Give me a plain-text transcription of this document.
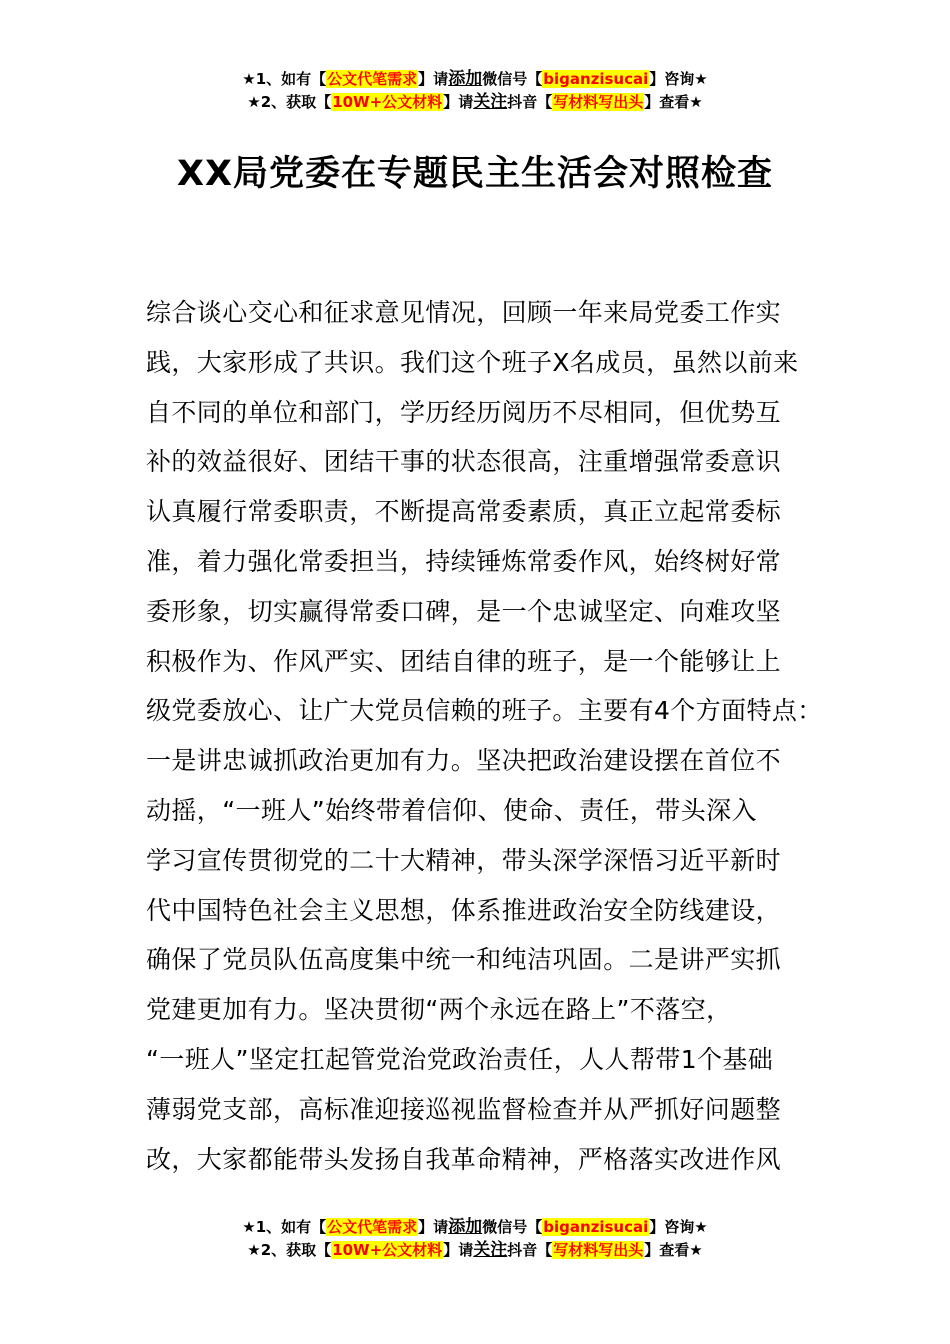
★1、如有【公文代笔需求】请添加微信号【biganzisucai】咨询★
★2、获取【10W+公文材料】请关注抖音【写材料写出头】查看★
XX局党委在专题民主生活会对照检查
综合谈心交心和征求意见情况，回顾一年来局党委工作实
践，大家形成了共识。我们这个班子X名成员，虽然以前来
自不同的单位和部门，学历经历阅历不尽相同，但优势互
补的效益很好、团结干事的状态很高，注重增强常委意识
认真履行常委职责，不断提高常委素质，真正立起常委标
准，着力强化常委担当，持续锤炼常委作风，始终树好常
委形象，切实赢得常委口碑，是一个忠诚坚定、向难攻坚
积极作为、作风严实、团结自律的班子，是一个能够让上
级党委放心、让广大党员信赖的班子。主要有4个方面特点：
一是讲忠诚抓政治更加有力。坚决把政治建设摆在首位不
动摇，“一班人”始终带着信仰、使命、责任，带头深入
学习宣传贯彻党的二十大精神，带头深学深悟习近平新时
代中国特色社会主义思想，体系推进政治安全防线建设，
确保了党员队伍高度集中统一和纯洁巩固。二是讲严实抓
党建更加有力。坚决贯彻“两个永远在路上”不落空，
“一班人”坚定扛起管党治党政治责任，人人帮带1个基础
薄弱党支部，高标准迎接巡视监督检查并从严抓好问题整
改，大家都能带头发扬自我革命精神，严格落实改进作风
★1、如有【公文代笔需求】请添加微信号【biganzisucai】咨询★
★2、获取【10W+公文材料】请关注抖音【写材料写出头】查看★
